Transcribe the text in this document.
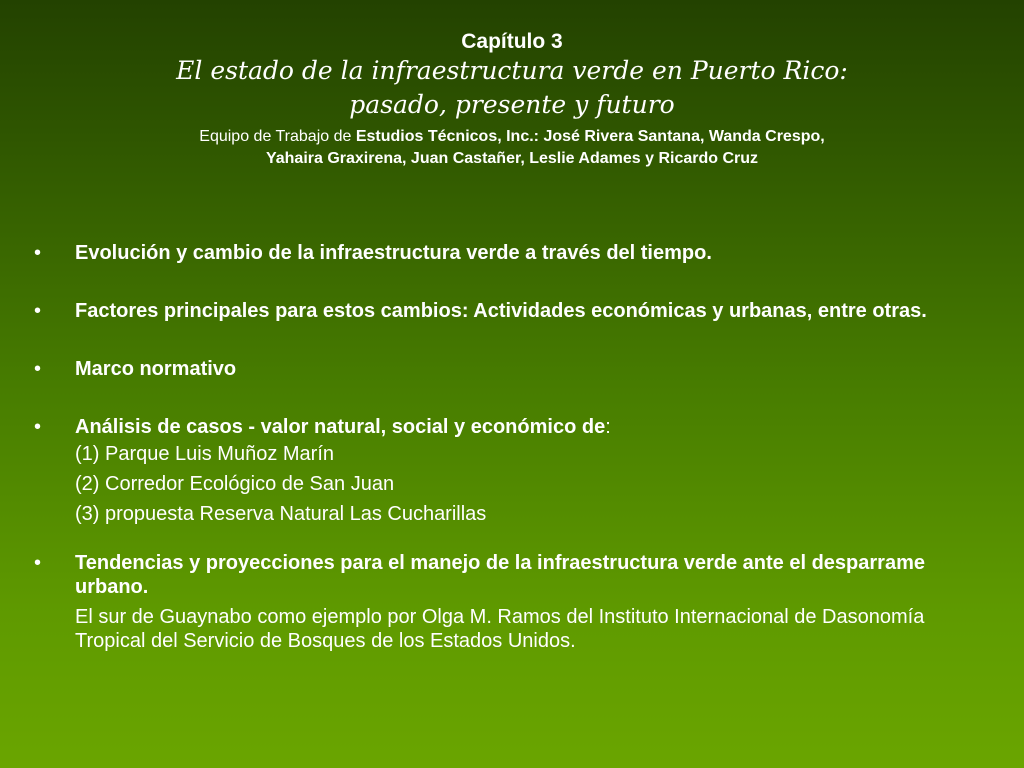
Capítulo 3
El estado de la infraestructura verde en Puerto Rico:
pasado, presente y futuro
Equipo de Trabajo de Estudios Técnicos, Inc.: José Rivera Santana, Wanda Crespo,
Yahaira Graxirena, Juan Castañer, Leslie Adames y Ricardo Cruz
• Evolución y cambio de la infraestructura verde a través del tiempo.
• Factores principales para estos cambios: Actividades económicas y urbanas, entre otras.
• Marco normativo
• Análisis de casos - valor natural, social y económico de:
(1) Parque Luis Muñoz Marín
(2) Corredor Ecológico de San Juan
(3) propuesta Reserva Natural Las Cucharillas
• Tendencias y proyecciones para el manejo de la infraestructura verde ante el desparrame urbano.
El sur de Guaynabo como ejemplo por Olga M. Ramos del Instituto Internacional de Dasonomía Tropical del Servicio de Bosques de los Estados Unidos.
